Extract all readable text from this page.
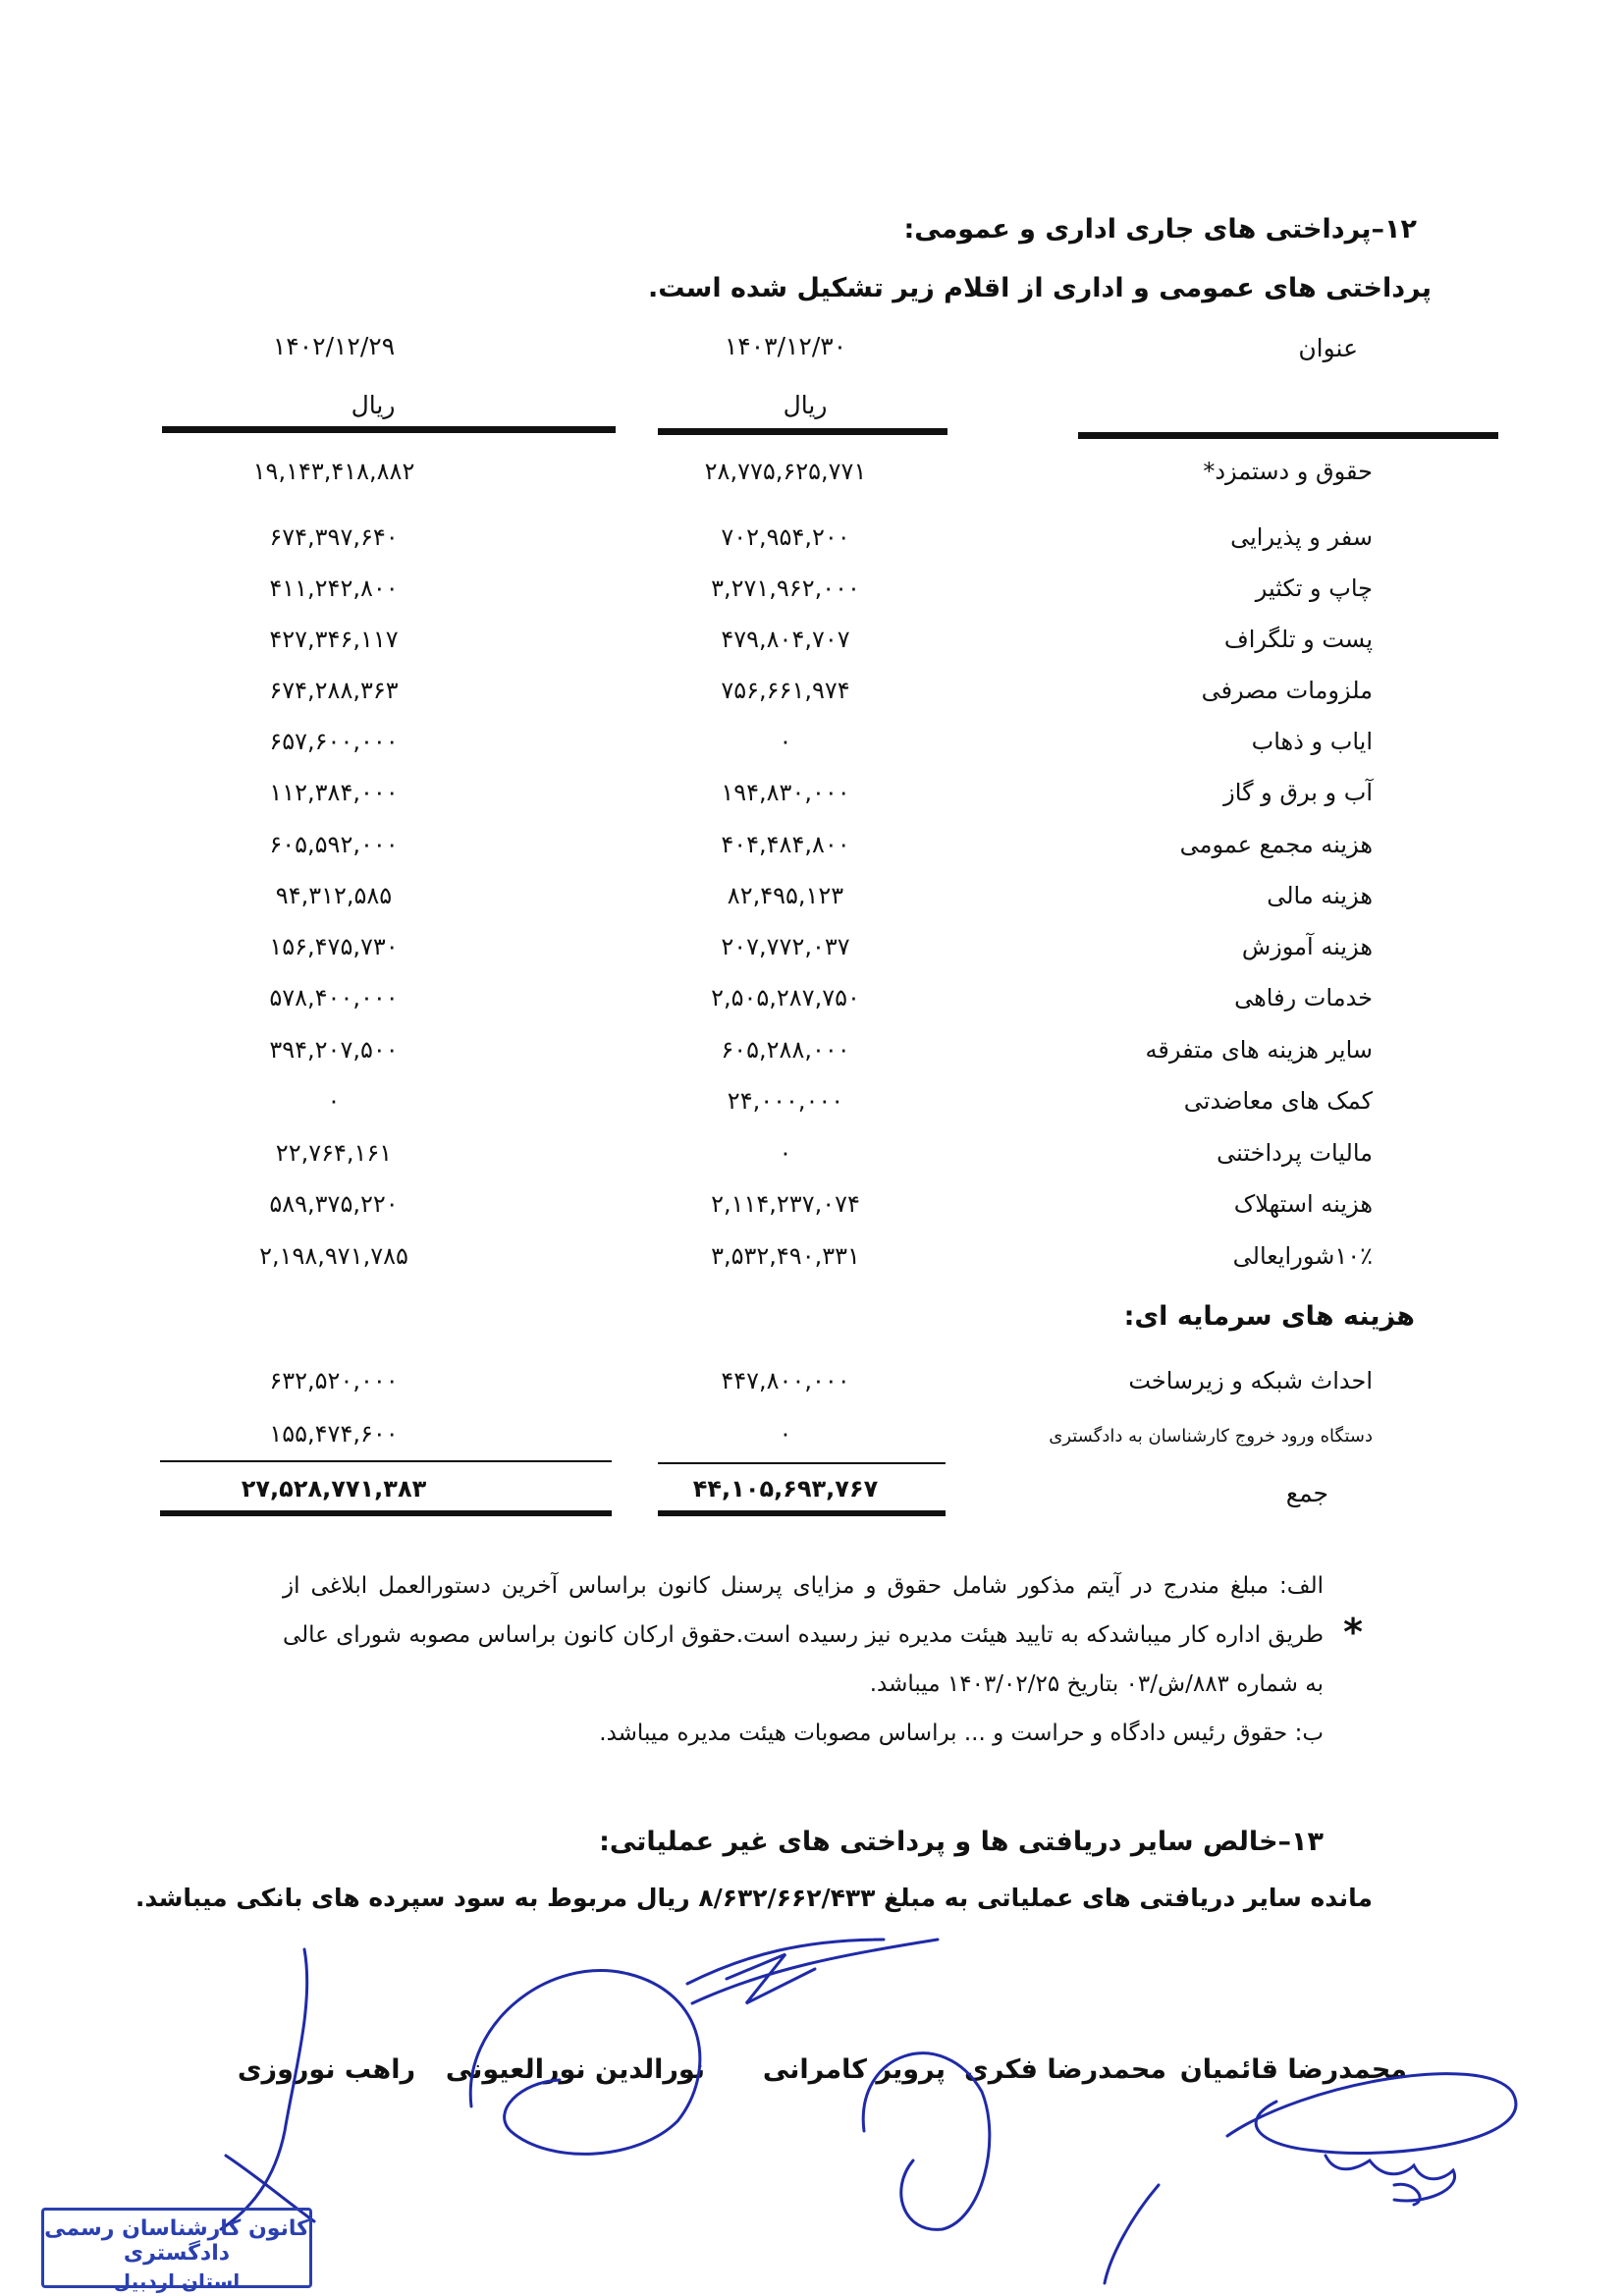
۱۲–پرداختی های جاری اداری و عمومی:
پرداختی های عمومی و اداری از اقلام زیر تشکیل شده است.
عنوان
۱۴۰۳/۱۲/۳۰
۱۴۰۲/۱۲/۲۹
ریال
ریال
حقوق و دستمزد*
۲۸,۷۷۵,۶۲۵,۷۷۱
۱۹,۱۴۳,۴۱۸,۸۸۲
سفر و پذیرایی
۷۰۲,۹۵۴,۲۰۰
۶۷۴,۳۹۷,۶۴۰
چاپ و تکثیر
۳,۲۷۱,۹۶۲,۰۰۰
۴۱۱,۲۴۲,۸۰۰
پست و تلگراف
۴۷۹,۸۰۴,۷۰۷
۴۲۷,۳۴۶,۱۱۷
ملزومات مصرفی
۷۵۶,۶۶۱,۹۷۴
۶۷۴,۲۸۸,۳۶۳
ایاب و ذهاب
۰
۶۵۷,۶۰۰,۰۰۰
آب و برق و گاز
۱۹۴,۸۳۰,۰۰۰
۱۱۲,۳۸۴,۰۰۰
هزینه مجمع عمومی
۴۰۴,۴۸۴,۸۰۰
۶۰۵,۵۹۲,۰۰۰
هزینه مالی
۸۲,۴۹۵,۱۲۳
۹۴,۳۱۲,۵۸۵
هزینه آموزش
۲۰۷,۷۷۲,۰۳۷
۱۵۶,۴۷۵,۷۳۰
خدمات رفاهی
۲,۵۰۵,۲۸۷,۷۵۰
۵۷۸,۴۰۰,۰۰۰
سایر هزینه های متفرقه
۶۰۵,۲۸۸,۰۰۰
۳۹۴,۲۰۷,۵۰۰
کمک های معاضدتی
۲۴,۰۰۰,۰۰۰
۰
مالیات پرداختنی
۰
۲۲,۷۶۴,۱۶۱
هزینه استهلاک
۲,۱۱۴,۲۳۷,۰۷۴
۵۸۹,۳۷۵,۲۲۰
۱۰٪شورایعالی
۳,۵۳۲,۴۹۰,۳۳۱
۲,۱۹۸,۹۷۱,۷۸۵
هزینه های سرمایه ای:
احداث شبکه و زیرساخت
۴۴۷,۸۰۰,۰۰۰
۶۳۲,۵۲۰,۰۰۰
دستگاه ورود خروج کارشناسان به دادگستری
۰
۱۵۵,۴۷۴,۶۰۰
جمع
۴۴,۱۰۵,۶۹۳,۷۶۷
۲۷,۵۲۸,۷۷۱,۳۸۳
*
الف: مبلغ مندرج در آیتم مذکور شامل حقوق و مزایای پرسنل کانون براساس آخرین دستورالعمل ابلاغی از طریق اداره کار میباشدکه به تایید هیئت مدیره نیز رسیده است.حقوق ارکان کانون براساس مصوبه شورای عالی به شماره ۸۸۳/ش/۰۳ بتاریخ ۱۴۰۳/۰۲/۲۵ میباشد.
ب: حقوق رئیس دادگاه و حراست و ... براساس مصوبات هیئت مدیره میباشد.
۱۳–خالص سایر دریافتی ها و پرداختی های غیر عملیاتی:
مانده سایر دریافتی های عملیاتی به مبلغ ۸/۶۳۲/۶۶۲/۴۳۳ ریال مربوط به سود سپرده های بانکی میباشد.
محمدرضا قائمیان
محمدرضا فکری
پرویز کامرانی
نورالدین نورالعیونی
راهب نوروزی
کانون کارشناسان رسمی دادگستری
استان اردبیل
